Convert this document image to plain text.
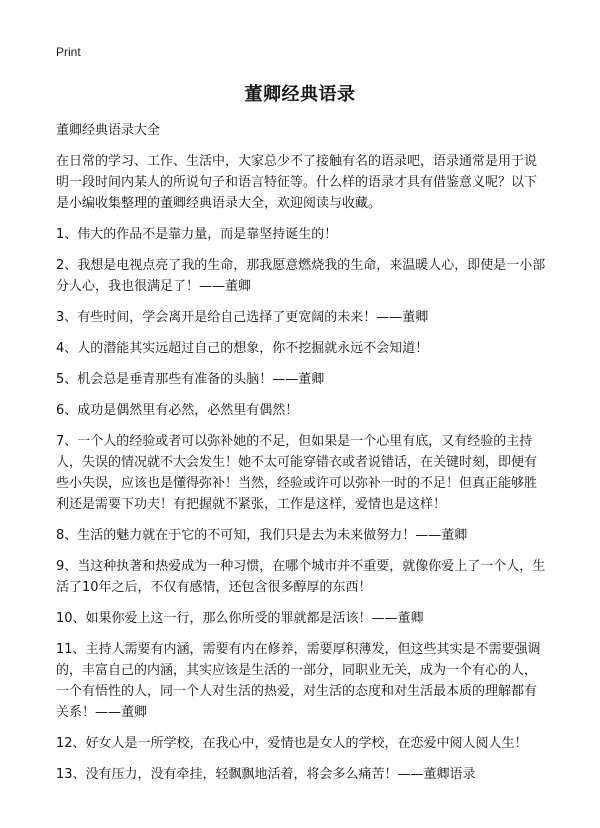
Print
董卿经典语录

董卿经典语录大全

在日常的学习、工作、生活中，大家总少不了接触有名的语录吧，语录通常是用于说明一段时间内某人的所说句子和语言特征等。什么样的语录才具有借鉴意义呢？以下是小编收集整理的董卿经典语录大全，欢迎阅读与收藏。

1、伟大的作品不是靠力量，而是靠坚持诞生的！

2、我想是电视点亮了我的生命，那我愿意燃烧我的生命，来温暖人心，即使是一小部分人心，我也很满足了！——董卿

3、有些时间，学会离开是给自己选择了更宽阔的未来！——董卿

4、人的潜能其实远超过自己的想象，你不挖掘就永远不会知道！

5、机会总是垂青那些有准备的头脑！——董卿

6、成功是偶然里有必然，必然里有偶然！

7、一个人的经验或者可以弥补她的不足，但如果是一个心里有底，又有经验的主持人，失误的情况就不大会发生！她不太可能穿错衣或者说错话，在关键时刻，即便有些小失误，应该也是懂得弥补！当然，经验或许可以弥补一时的不足！但真正能够胜利还是需要下功夫！有把握就不紧张，工作是这样，爱情也是这样！

8、生活的魅力就在于它的不可知，我们只是去为未来做努力！——董卿

9、当这种执著和热爱成为一种习惯，在哪个城市并不重要，就像你爱上了一个人，生活了10年之后，不仅有感情，还包含很多醇厚的东西！

10、如果你爱上这一行，那么你所受的罪就都是活该！——董卿

11、主持人需要有内涵，需要有内在修养，需要厚积薄发，但这些其实是不需要强调的，丰富自己的内涵，其实应该是生活的一部分，同职业无关，成为一个有心的人，一个有悟性的人，同一个人对生活的热爱，对生活的态度和对生活最本质的理解都有关系！——董卿

12、好女人是一所学校，在我心中，爱情也是女人的学校，在恋爱中阅人阅人生！

13、没有压力，没有牵挂，轻飘飘地活着，将会多么痛苦！——董卿语录
